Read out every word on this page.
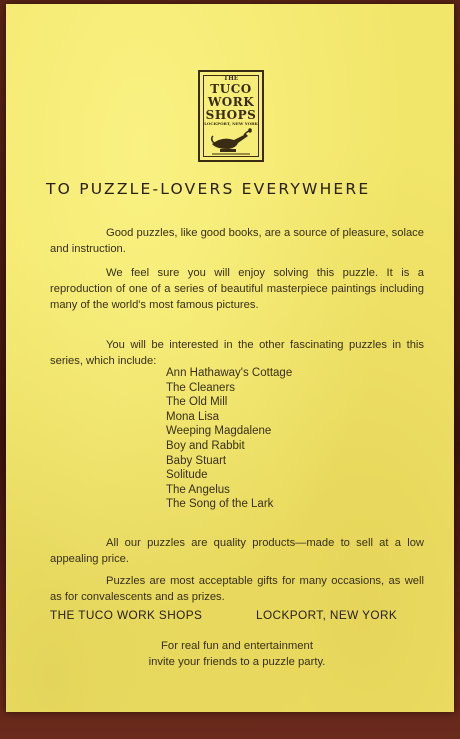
THE
TUCO
WORK
SHOPS
LOCKPORT, NEW YORK
TO PUZZLE-LOVERS EVERYWHERE

Good puzzles, like good books, are a source of pleasure, solace and instruction.

We feel sure you will enjoy solving this puzzle. It is a reproduction of one of a series of beautiful masterpiece paintings including many of the world's most famous pictures.

You will be interested in the other fascinating puzzles in this series, which include:

Ann Hathaway's Cottage
The Cleaners
The Old Mill
Mona Lisa
Weeping Magdalene
Boy and Rabbit
Baby Stuart
Solitude
The Angelus
The Song of the Lark

All our puzzles are quality products—made to sell at a low appealing price.

Puzzles are most acceptable gifts for many occasions, as well as for convalescents and as prizes.

THE TUCO WORK SHOPS	LOCKPORT, NEW YORK
For real fun and entertainment
invite your friends to a puzzle party.
